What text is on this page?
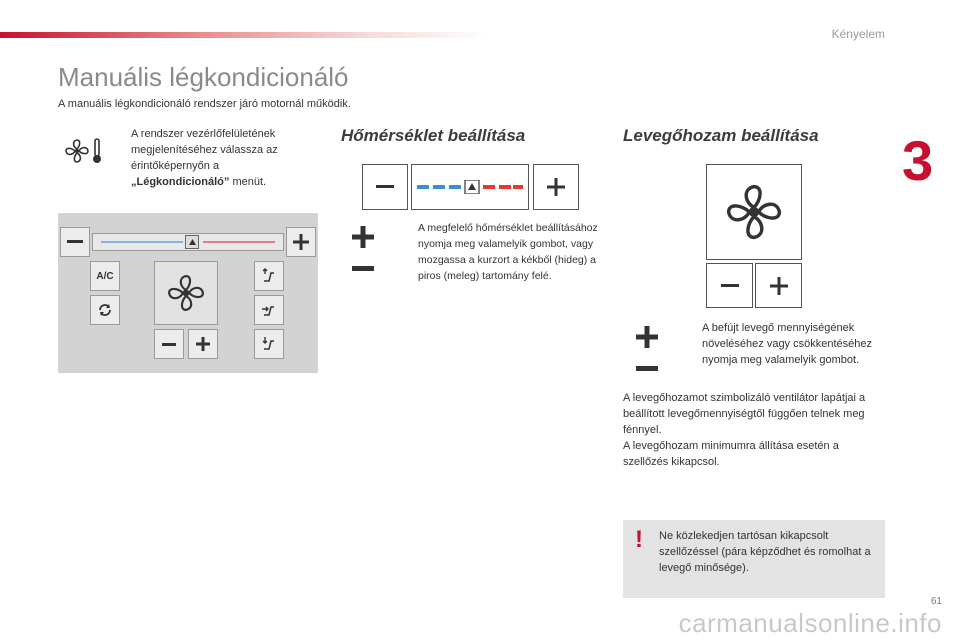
Kényelem
3
Manuális légkondicionáló
A manuális légkondicionáló rendszer járó motornál működik.
A rendszer vezérlőfelületének megjelenítéséhez válassza az érintőképernyőn a „Légkondicionáló” menüt.
A/C
Hőmérséklet beállítása
A megfelelő hőmérséklet beállításához nyomja meg valamelyik gombot, vagy mozgassa a kurzort a kékből (hideg) a piros (meleg) tartomány felé.
Levegőhozam beállítása
A befújt levegő mennyiségének növeléséhez vagy csökkentéséhez nyomja meg valamelyik gombot.
A levegőhozamot szimbolizáló ventilátor lapátjai a beállított levegőmennyiségtől függően telnek meg fénnyel.
A levegőhozam minimumra állítása esetén a szellőzés kikapcsol.
! Ne közlekedjen tartósan kikapcsolt szellőzéssel (pára képződhet és romolhat a levegő minősége).
carmanualsonline.info
61
